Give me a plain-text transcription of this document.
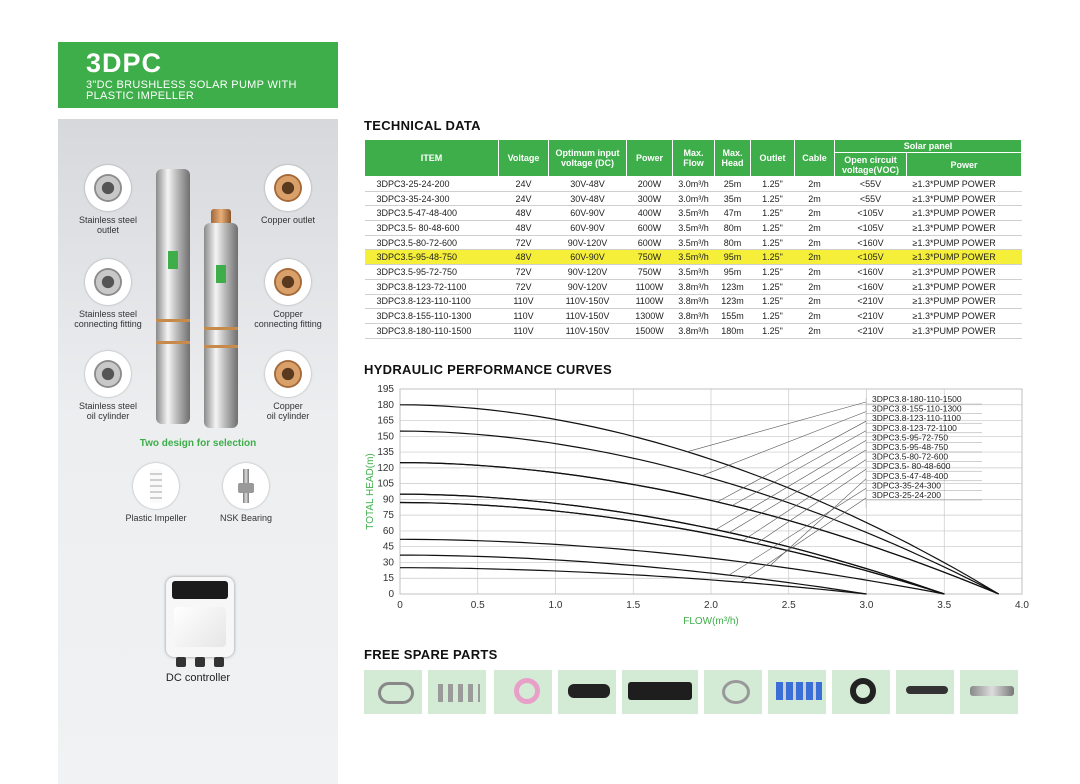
3DPC
3"DC BRUSHLESS SOLAR PUMP WITH PLASTIC IMPELLER
Stainless steel
outlet
Copper outlet
Stainless steel
connecting fitting
Copper
connecting fitting
Stainless steel
oil cylinder
Copper
oil cylinder
Two design for selection
Plastic Impeller	NSK Bearing
DC controller
TECHNICAL DATA
ITEM	Voltage	Optimum input voltage (DC)	Power	Max. Flow	Max. Head	Outlet	Cable	Solar panel	
								Open circuit voltage(VOC)	Power
3DPC3-25-24-200	24V	30V-48V	200W	3.0m³/h	25m	1.25"	2m	<55V	≥1.3*PUMP POWER
3DPC3-35-24-300	24V	30V-48V	300W	3.0m³/h	35m	1.25"	2m	<55V	≥1.3*PUMP POWER
3DPC3.5-47-48-400	48V	60V-90V	400W	3.5m³/h	47m	1.25"	2m	<105V	≥1.3*PUMP POWER
3DPC3.5- 80-48-600	48V	60V-90V	600W	3.5m³/h	80m	1.25"	2m	<105V	≥1.3*PUMP POWER
3DPC3.5-80-72-600	72V	90V-120V	600W	3.5m³/h	80m	1.25"	2m	<160V	≥1.3*PUMP POWER
3DPC3.5-95-48-750	48V	60V-90V	750W	3.5m³/h	95m	1.25"	2m	<105V	≥1.3*PUMP POWER
3DPC3.5-95-72-750	72V	90V-120V	750W	3.5m³/h	95m	1.25"	2m	<160V	≥1.3*PUMP POWER
3DPC3.8-123-72-1100	72V	90V-120V	1100W	3.8m³/h	123m	1.25"	2m	<160V	≥1.3*PUMP POWER
3DPC3.8-123-110-1100	110V	110V-150V	1100W	3.8m³/h	123m	1.25"	2m	<210V	≥1.3*PUMP POWER
3DPC3.8-155-110-1300	110V	110V-150V	1300W	3.8m³/h	155m	1.25"	2m	<210V	≥1.3*PUMP POWER
3DPC3.8-180-110-1500	110V	110V-150V	1500W	3.8m³/h	180m	1.25"	2m	<210V	≥1.3*PUMP POWER
HYDRAULIC PERFORMANCE CURVES
0
15
30
45
60
75
90
105
120
135
150
165
180
195
0	0.5	1.0	1.5	2.0	2.5	3.0	3.5	4.0
FLOW(m³/h)
TOTAL HEAD(m)
3DPC3.8-180-110-1500
3DPC3.8-155-110-1300
3DPC3.8-123-110-1100
3DPC3.8-123-72-1100
3DPC3.5-95-72-750
3DPC3.5-95-48-750
3DPC3.5-80-72-600
3DPC3.5- 80-48-600
3DPC3.5-47-48-400
3DPC3-35-24-300
3DPC3-25-24-200
FREE SPARE PARTS
